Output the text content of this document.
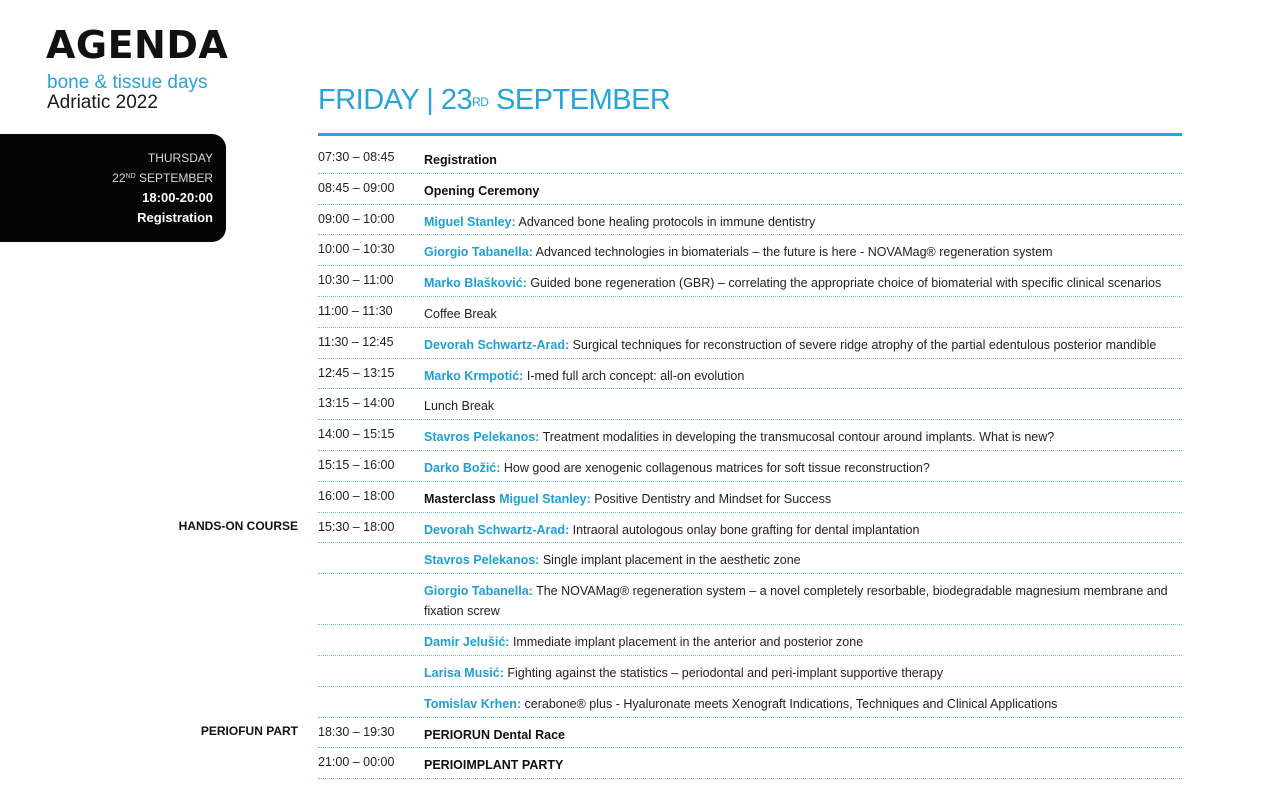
AGENDA
bone & tissue days
Adriatic 2022
THURSDAY
22ND SEPTEMBER
18:00-20:00
Registration
FRIDAY | 23RD SEPTEMBER
07:30 – 08:45 Registration
08:45 – 09:00 Opening Ceremony
09:00 – 10:00 Miguel Stanley: Advanced bone healing protocols in immune dentistry
10:00 – 10:30 Giorgio Tabanella: Advanced technologies in biomaterials – the future is here - NOVAMag® regeneration system
10:30 – 11:00 Marko Blašković: Guided bone regeneration (GBR) – correlating the appropriate choice of biomaterial with specific clinical scenarios
11:00 – 11:30	Coffee Break
11:30 – 12:45 Devorah Schwartz-Arad: Surgical techniques for reconstruction of severe ridge atrophy of the partial edentulous posterior mandible
12:45 – 13:15 Marko Krmpotić: I-med full arch concept: all-on evolution
13:15 – 14:00 Lunch Break
14:00 – 15:15 Stavros Pelekanos: Treatment modalities in developing the transmucosal contour around implants. What is new?
15:15 – 16:00 Darko Božić: How good are xenogenic collagenous matrices for soft tissue reconstruction?
16:00 – 18:00 Masterclass Miguel Stanley: Positive Dentistry and Mindset for Success
HANDS-ON COURSE 15:30 – 18:00 Devorah Schwartz-Arad: Intraoral autologous onlay bone grafting for dental implantation
Stavros Pelekanos: Single implant placement in the aesthetic zone
Giorgio Tabanella: The NOVAMag® regeneration system – a novel completely resorbable, biodegradable magnesium membrane and fixation screw
Damir Jelušić: Immediate implant placement in the anterior and posterior zone
Larisa Musić: Fighting against the statistics – periodontal and peri-implant supportive therapy
Tomislav Krhen: cerabone® plus - Hyaluronate meets Xenograft Indications, Techniques and Clinical Applications
PERIOFUN PART 18:30 – 19:30 PERIORUN Dental Race
21:00 – 00:00 PERIOIMPLANT PARTY
